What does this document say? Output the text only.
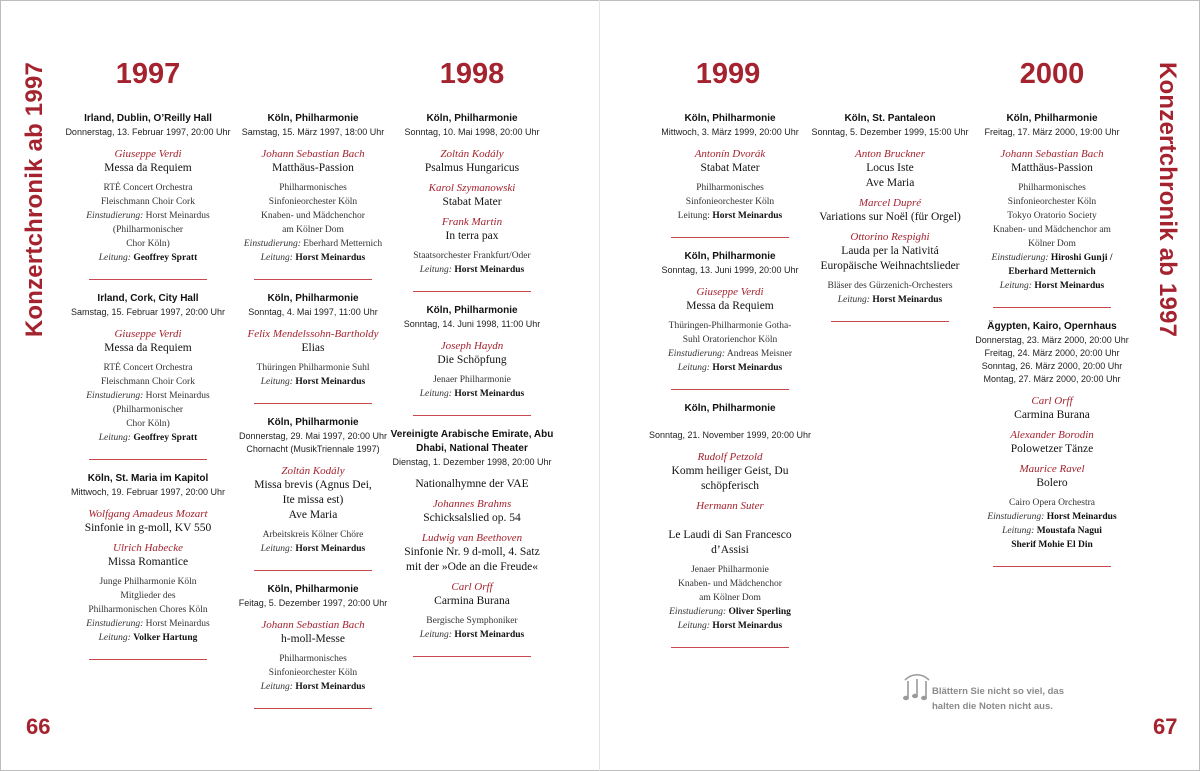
Konzertchronik ab 1997	Konzertchronik ab 1997
1997	1998	1999	2000
Irland, Dublin, O’Reilly Hall
Donnerstag, 13. Februar 1997, 20:00 Uhr
Giuseppe Verdi
Messa da Requiem
RTÉ Concert Orchestra
Fleischmann Choir Cork
Einstudierung: Horst Meinardus
(Philharmonischer
Chor Köln)
Leitung: Geoffrey Spratt
Irland, Cork, City Hall
Samstag, 15. Februar 1997, 20:00 Uhr
Giuseppe Verdi
Messa da Requiem
RTÉ Concert Orchestra
Fleischmann Choir Cork
Einstudierung: Horst Meinardus
(Philharmonischer
Chor Köln)
Leitung: Geoffrey Spratt
Köln, St. Maria im Kapitol
Mittwoch, 19. Februar 1997, 20:00 Uhr
Wolfgang Amadeus Mozart
Sinfonie in g-moll, KV 550
Ulrich Habecke
Missa Romantice
Junge Philharmonie Köln
Mitglieder des
Philharmonischen Chores Köln
Einstudierung: Horst Meinardus
Leitung: Volker Hartung
Köln, Philharmonie
Samstag, 15. März 1997, 18:00 Uhr
Johann Sebastian Bach
Matthäus-Passion
Philharmonisches
Sinfonieorchester Köln
Knaben- und Mädchenchor
am Kölner Dom
Einstudierung: Eberhard Metternich
Leitung: Horst Meinardus
Köln, Philharmonie
Sonntag, 4. Mai 1997, 11:00 Uhr
Felix Mendelssohn-Bartholdy
Elias
Thüringen Philharmonie Suhl
Leitung: Horst Meinardus
Köln, Philharmonie
Donnerstag, 29. Mai 1997, 20:00 Uhr
Chornacht (MusikTriennale 1997)
Zoltán Kodály
Missa brevis (Agnus Dei,
Ite missa est)
Ave Maria
Arbeitskreis Kölner Chöre
Leitung: Horst Meinardus
Köln, Philharmonie
Feitag, 5. Dezember 1997, 20:00 Uhr
Johann Sebastian Bach
h-moll-Messe
Philharmonisches
Sinfonieorchester Köln
Leitung: Horst Meinardus
Köln, Philharmonie
Sonntag, 10. Mai 1998, 20:00 Uhr
Zoltán Kodály
Psalmus Hungaricus
Karol Szymanowski
Stabat Mater
Frank Martin
In terra pax
Staatsorchester Frankfurt/Oder
Leitung: Horst Meinardus
Köln, Philharmonie
Sonntag, 14. Juni 1998, 11:00 Uhr
Joseph Haydn
Die Schöpfung
Jenaer Philharmonie
Leitung: Horst Meinardus
Vereinigte Arabische Emirate, Abu Dhabi, National Theater
Dienstag, 1. Dezember 1998, 20:00 Uhr
Nationalhymne der VAE
Johannes Brahms
Schicksalslied op. 54
Ludwig van Beethoven
Sinfonie Nr. 9 d-moll, 4. Satz
mit der »Ode an die Freude«
Carl Orff
Carmina Burana
Bergische Symphoniker
Leitung: Horst Meinardus
Köln, Philharmonie
Mittwoch, 3. März 1999, 20:00 Uhr
Antonín Dvorák
Stabat Mater
Philharmonisches
Sinfonieorchester Köln
Leitung: Horst Meinardus
Köln, Philharmonie
Sonntag, 13. Juni 1999, 20:00 Uhr
Giuseppe Verdi
Messa da Requiem
Thüringen-Philharmonie Gotha-
Suhl Oratorienchor Köln
Einstudierung: Andreas Meisner
Leitung: Horst Meinardus
Köln, Philharmonie

Sonntag, 21. November 1999, 20:00 Uhr
Rudolf Petzold
Komm heiliger Geist, Du
schöpferisch
Hermann Suter

Le Laudi di San Francesco
d’Assisi
Jenaer Philharmonie
Knaben- und Mädchenchor
am Kölner Dom
Einstudierung: Oliver Sperling
Leitung: Horst Meinardus
Köln, St. Pantaleon
Sonntag, 5. Dezember 1999, 15:00 Uhr
Anton Bruckner
Locus Iste
Ave Maria
Marcel Dupré
Variations sur Noël (für Orgel)
Ottorino Respighi
Lauda per la Nativitá
Europäische Weihnachtslieder
Bläser des Gürzenich-Orchesters
Leitung: Horst Meinardus
Köln, Philharmonie
Freitag, 17. März 2000, 19:00 Uhr
Johann Sebastian Bach
Matthäus-Passion
Philharmonisches
Sinfonieorchester Köln
Tokyo Oratorio Society
Knaben- und Mädchenchor am
Kölner Dom
Einstudierung: Hiroshi Gunji /
Eberhard Metternich
Leitung: Horst Meinardus
Ägypten, Kairo, Opernhaus
Donnerstag, 23. März 2000, 20:00 Uhr
Freitag, 24. März 2000, 20:00 Uhr
Sonntag, 26. März 2000, 20:00 Uhr
Montag, 27. März 2000, 20:00 Uhr
Carl Orff
Carmina Burana
Alexander Borodin
Polowetzer Tänze
Maurice Ravel
Bolero
Cairo Opera Orchestra
Einstudierung: Horst Meinardus
Leitung: Moustafa Nagui
Sherif Mohie El Din
Blättern Sie nicht so viel, das halten die Noten nicht aus.
66	67
